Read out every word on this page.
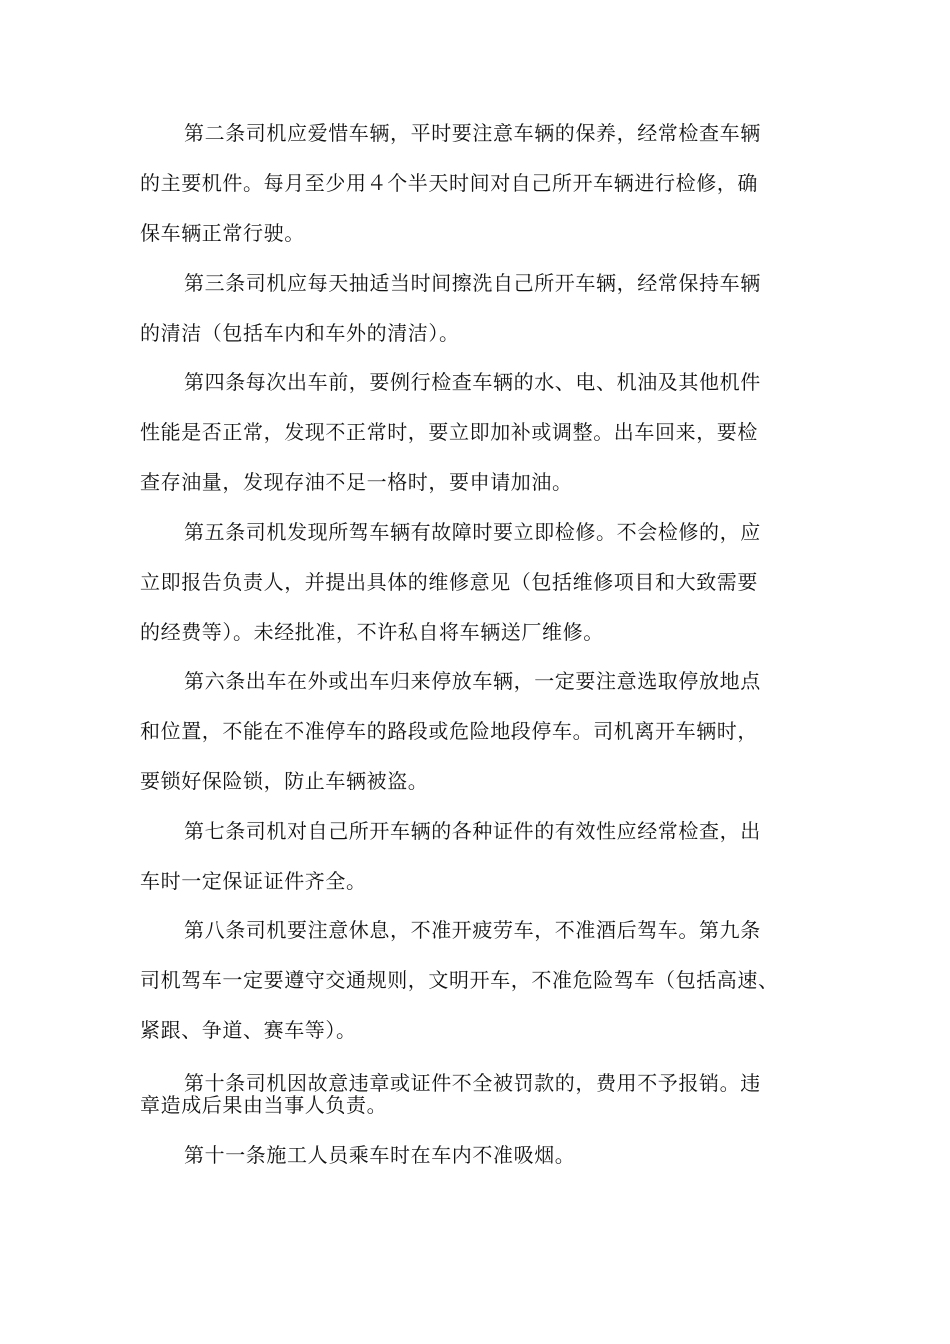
第二条司机应爱惜车辆，平时要注意车辆的保养，经常检查车辆
的主要机件。每月至少用４个半天时间对自己所开车辆进行检修，确
保车辆正常行驶。

第三条司机应每天抽适当时间擦洗自己所开车辆，经常保持车辆
的清洁（包括车内和车外的清洁）。

第四条每次出车前，要例行检查车辆的水、电、机油及其他机件
性能是否正常，发现不正常时，要立即加补或调整。出车回来，要检
查存油量，发现存油不足一格时，要申请加油。

第五条司机发现所驾车辆有故障时要立即检修。不会检修的，应
立即报告负责人，并提出具体的维修意见（包括维修项目和大致需要
的经费等）。未经批准，不许私自将车辆送厂维修。

第六条出车在外或出车归来停放车辆，一定要注意选取停放地点
和位置，不能在不准停车的路段或危险地段停车。司机离开车辆时，
要锁好保险锁，防止车辆被盗。

第七条司机对自己所开车辆的各种证件的有效性应经常检查，出
车时一定保证证件齐全。

第八条司机要注意休息，不准开疲劳车，不准酒后驾车。第九条
司机驾车一定要遵守交通规则，文明开车，不准危险驾车（包括高速、
紧跟、争道、赛车等）。

第十条司机因故意违章或证件不全被罚款的，费用不予报销。违
章造成后果由当事人负责。

第十一条施工人员乘车时在车内不准吸烟。
